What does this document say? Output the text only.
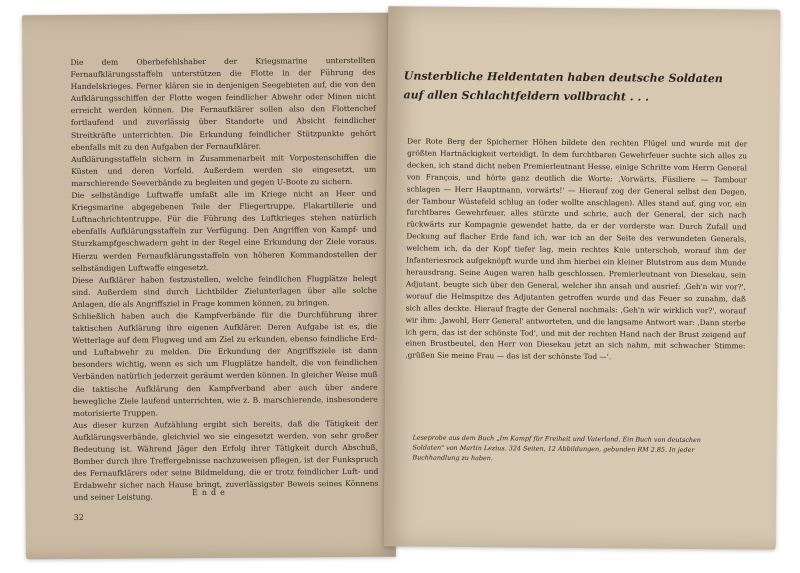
Die dem Oberbefehlshaber der Kriegsmarine unterstellten Fernaufklärungsstaffeln unterstützen die Flotte in der Führung des Handelskrieges. Ferner klären sie in denjenigen Seegebieten auf, die von den Aufklärungsschiffen der Flotte wegen feindlicher Abwehr oder Minen nicht erreicht werden können. Die Fernaufklärer sollen also den Flottenchef fortlaufend und zuverlässig über Standorte und Absicht feindlicher Streitkräfte unterrichten. Die Erkundung feindlicher Stützpunkte gehört ebenfalls mit zu den Aufgaben der Fernaufklärer.

Aufklärungsstaffeln sichern in Zusammenarbeit mit Vorpostenschiffen die Küsten und deren Vorfeld. Außerdem werden sie eingesetzt, um marschierende Seeverbände zu begleiten und gegen U-Boote zu sichern.

Die selbständige Luftwaffe umfaßt alle im Kriege nicht an Heer und Kriegsmarine abgegebenen Teile der Fliegertruppe, Flakartillerie und Luftnachrichtentruppe. Für die Führung des Luftkrieges stehen natürlich ebenfalls Aufklärungsstaffeln zur Verfügung. Den Angriffen von Kampf- und Sturzkampfgeschwadern geht in der Regel eine Erkundung der Ziele voraus. Hierzu werden Fernaufklärungsstaffeln von höheren Kommandostellen der selbständigen Luftwaffe eingesetzt.

Diese Aufklärer haben festzustellen, welche feindlichen Flugplätze belegt sind. Außerdem sind durch Lichtbilder Zielunterlagen über alle solche Anlagen, die als Angriffsziel in Frage kommen können, zu bringen.

Schließlich haben auch die Kampfverbände für die Durchführung ihrer taktischen Aufklärung ihre eigenen Aufklärer. Deren Aufgabe ist es, die Wetterlage auf dem Flugweg und am Ziel zu erkunden, ebenso feindliche Erd- und Luftabwehr zu melden. Die Erkundung der Angriffsziele ist dann besonders wichtig, wenn es sich um Flugplätze handelt, die von feindlichen Verbänden natürlich jederzeit geräumt werden können. In gleicher Weise muß die taktische Aufklärung den Kampfverband aber auch über andere bewegliche Ziele laufend unterrichten, wie z. B. marschierende, insbesondere motorisierte Truppen.

Aus dieser kurzen Aufzählung ergibt sich bereits, daß die Tätigkeit der Aufklärungsverbände, gleichviel wo sie eingesetzt werden, von sehr großer Bedeutung ist. Während Jäger den Erfolg ihrer Tätigkeit durch Abschuß, Bomber durch ihre Treffergebnisse nachzuweisen pflegen, ist der Funkspruch des Fernaufklärers oder seine Bildmeldung, die er trotz feindlicher Luft- und Erdabwehr sicher nach Hause bringt, zuverlässigster Beweis seines Könnens und seiner Leistung.

Ende
32
Unsterbliche Heldentaten haben deutsche Soldaten auf allen Schlachtfeldern vollbracht . . .
Der Rote Berg der Spicherner Höhen bildete den rechten Flügel und wurde mit der größten Hartnäckigkeit verteidigt. In dem furchtbaren Gewehrfeuer suchte sich alles zu decken, ich stand dicht neben Premierleutnant Hesse, einige Schritte vom Herrn General von François, und hörte ganz deutlich die Worte: ‚Vorwärts, Füsiliere — Tambour schlagen — Herr Hauptmann, vorwärts!' — Hierauf zog der General selbst den Degen, der Tambour Wüstefeld schlug an (oder wollte anschlagen). Alles stand auf, ging vor, ein furchtbares Gewehrfeuer, alles stürzte und schrie, auch der General, der sich nach rückwärts zur Kompagnie gewendet hatte, da er der vorderste war. Durch Zufall und Deckung auf flacher Erde fand ich, war ich an der Seite des verwundeten Generals, welchem ich, da der Kopf tiefer lag, mein rechtes Knie unterschob, worauf ihm der Infanteriesrock aufgeknöpft wurde und ihm hierbei ein kleiner Blutstrom aus dem Munde herausdrang. Seine Augen waren halb geschlossen. Premierleutnant von Diesekau, sein Adjutant, beugte sich über den General, welcher ihn ansah und ausrief: ‚Geh'n wir vor?', worauf die Helmspitze des Adjutanten getroffen wurde und das Feuer so zunahm, daß sich alles deckte. Hierauf fragte der General nochmals: ‚Geh'n wir wirklich vor?', worauf wir ihm: ‚Jawohl, Herr General' antworteten, und die langsame Antwort war: ‚Dann sterbe ich gern, das ist der schönste Tod', und mit der rechten Hand nach der Brust zeigend auf einen Brustbeutel, den Herr von Diesekau jetzt an sich nahm, mit schwacher Stimme: ‚grüßen Sie meine Frau — das ist der schönste Tod —'.
Leseprobe aus dem Buch „Im Kampf für Freiheit und Vaterland. Ein Buch von deutschen Soldaten" von Martin Lezius. 324 Seiten, 12 Abbildungen, gebunden RM 2.85. In jeder Buchhandlung zu haben.
